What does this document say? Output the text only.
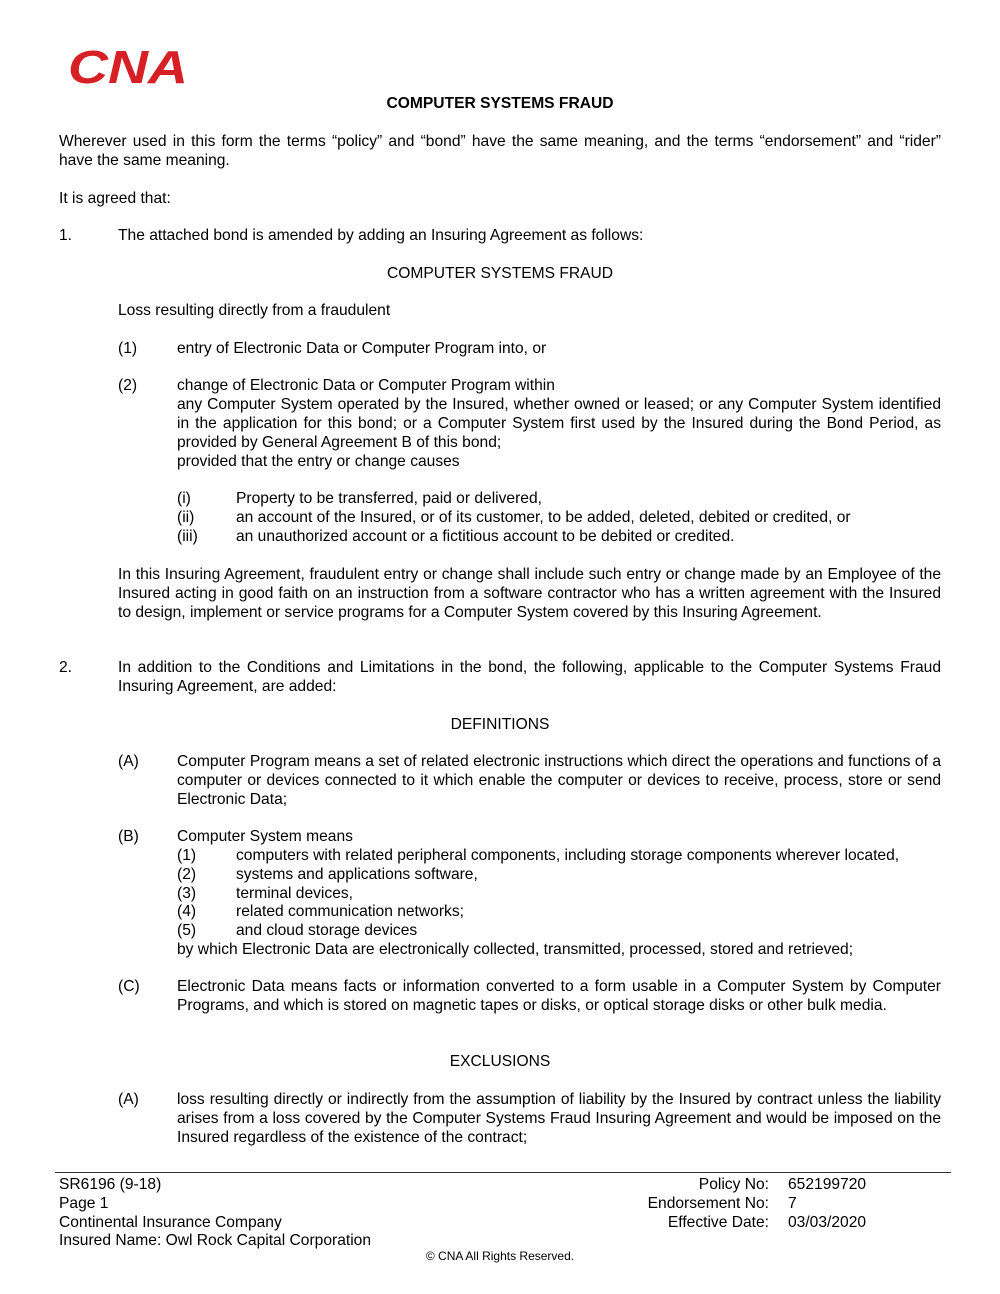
CNA
COMPUTER SYSTEMS FRAUD
Wherever used in this form the terms “policy” and “bond” have the same meaning, and the terms “endorsement” and “rider” have the same meaning.
It is agreed that:
1.	The attached bond is amended by adding an Insuring Agreement as follows:
COMPUTER SYSTEMS FRAUD
Loss resulting directly from a fraudulent
(1)	entry of Electronic Data or Computer Program into, or
(2)	change of Electronic Data or Computer Program within
any Computer System operated by the Insured, whether owned or leased; or any Computer System identified in the application for this bond; or a Computer System first used by the Insured during the Bond Period, as provided by General Agreement B of this bond;
provided that the entry or change causes
(i)	Property to be transferred, paid or delivered,
(ii)	an account of the Insured, or of its customer, to be added, deleted, debited or credited, or
(iii) an unauthorized account or a fictitious account to be debited or credited.
In this Insuring Agreement, fraudulent entry or change shall include such entry or change made by an Employee of the Insured acting in good faith on an instruction from a software contractor who has a written agreement with the Insured to design, implement or service programs for a Computer System covered by this Insuring Agreement.
2.	In addition to the Conditions and Limitations in the bond, the following, applicable to the Computer Systems Fraud Insuring Agreement, are added:
DEFINITIONS
(A) Computer Program means a set of related electronic instructions which direct the operations and functions of a computer or devices connected to it which enable the computer or devices to receive, process, store or send Electronic Data;
(B) Computer System means
(1)	computers with related peripheral components, including storage components wherever located,
(2)	systems and applications software,
(3)	terminal devices,
(4)	related communication networks;
(5)	and cloud storage devices
by which Electronic Data are electronically collected, transmitted, processed, stored and retrieved;
(C) Electronic Data means facts or information converted to a form usable in a Computer System by Computer Programs, and which is stored on magnetic tapes or disks, or optical storage disks or other bulk media.
EXCLUSIONS
(A) loss resulting directly or indirectly from the assumption of liability by the Insured by contract unless the liability arises from a loss covered by the Computer Systems Fraud Insuring Agreement and would be imposed on the Insured regardless of the existence of the contract;
SR6196 (9-18)
Page 1
Continental Insurance Company
Insured Name: Owl Rock Capital Corporation
Policy No: 652199720
Endorsement No: 7
Effective Date: 03/03/2020
© CNA All Rights Reserved.
